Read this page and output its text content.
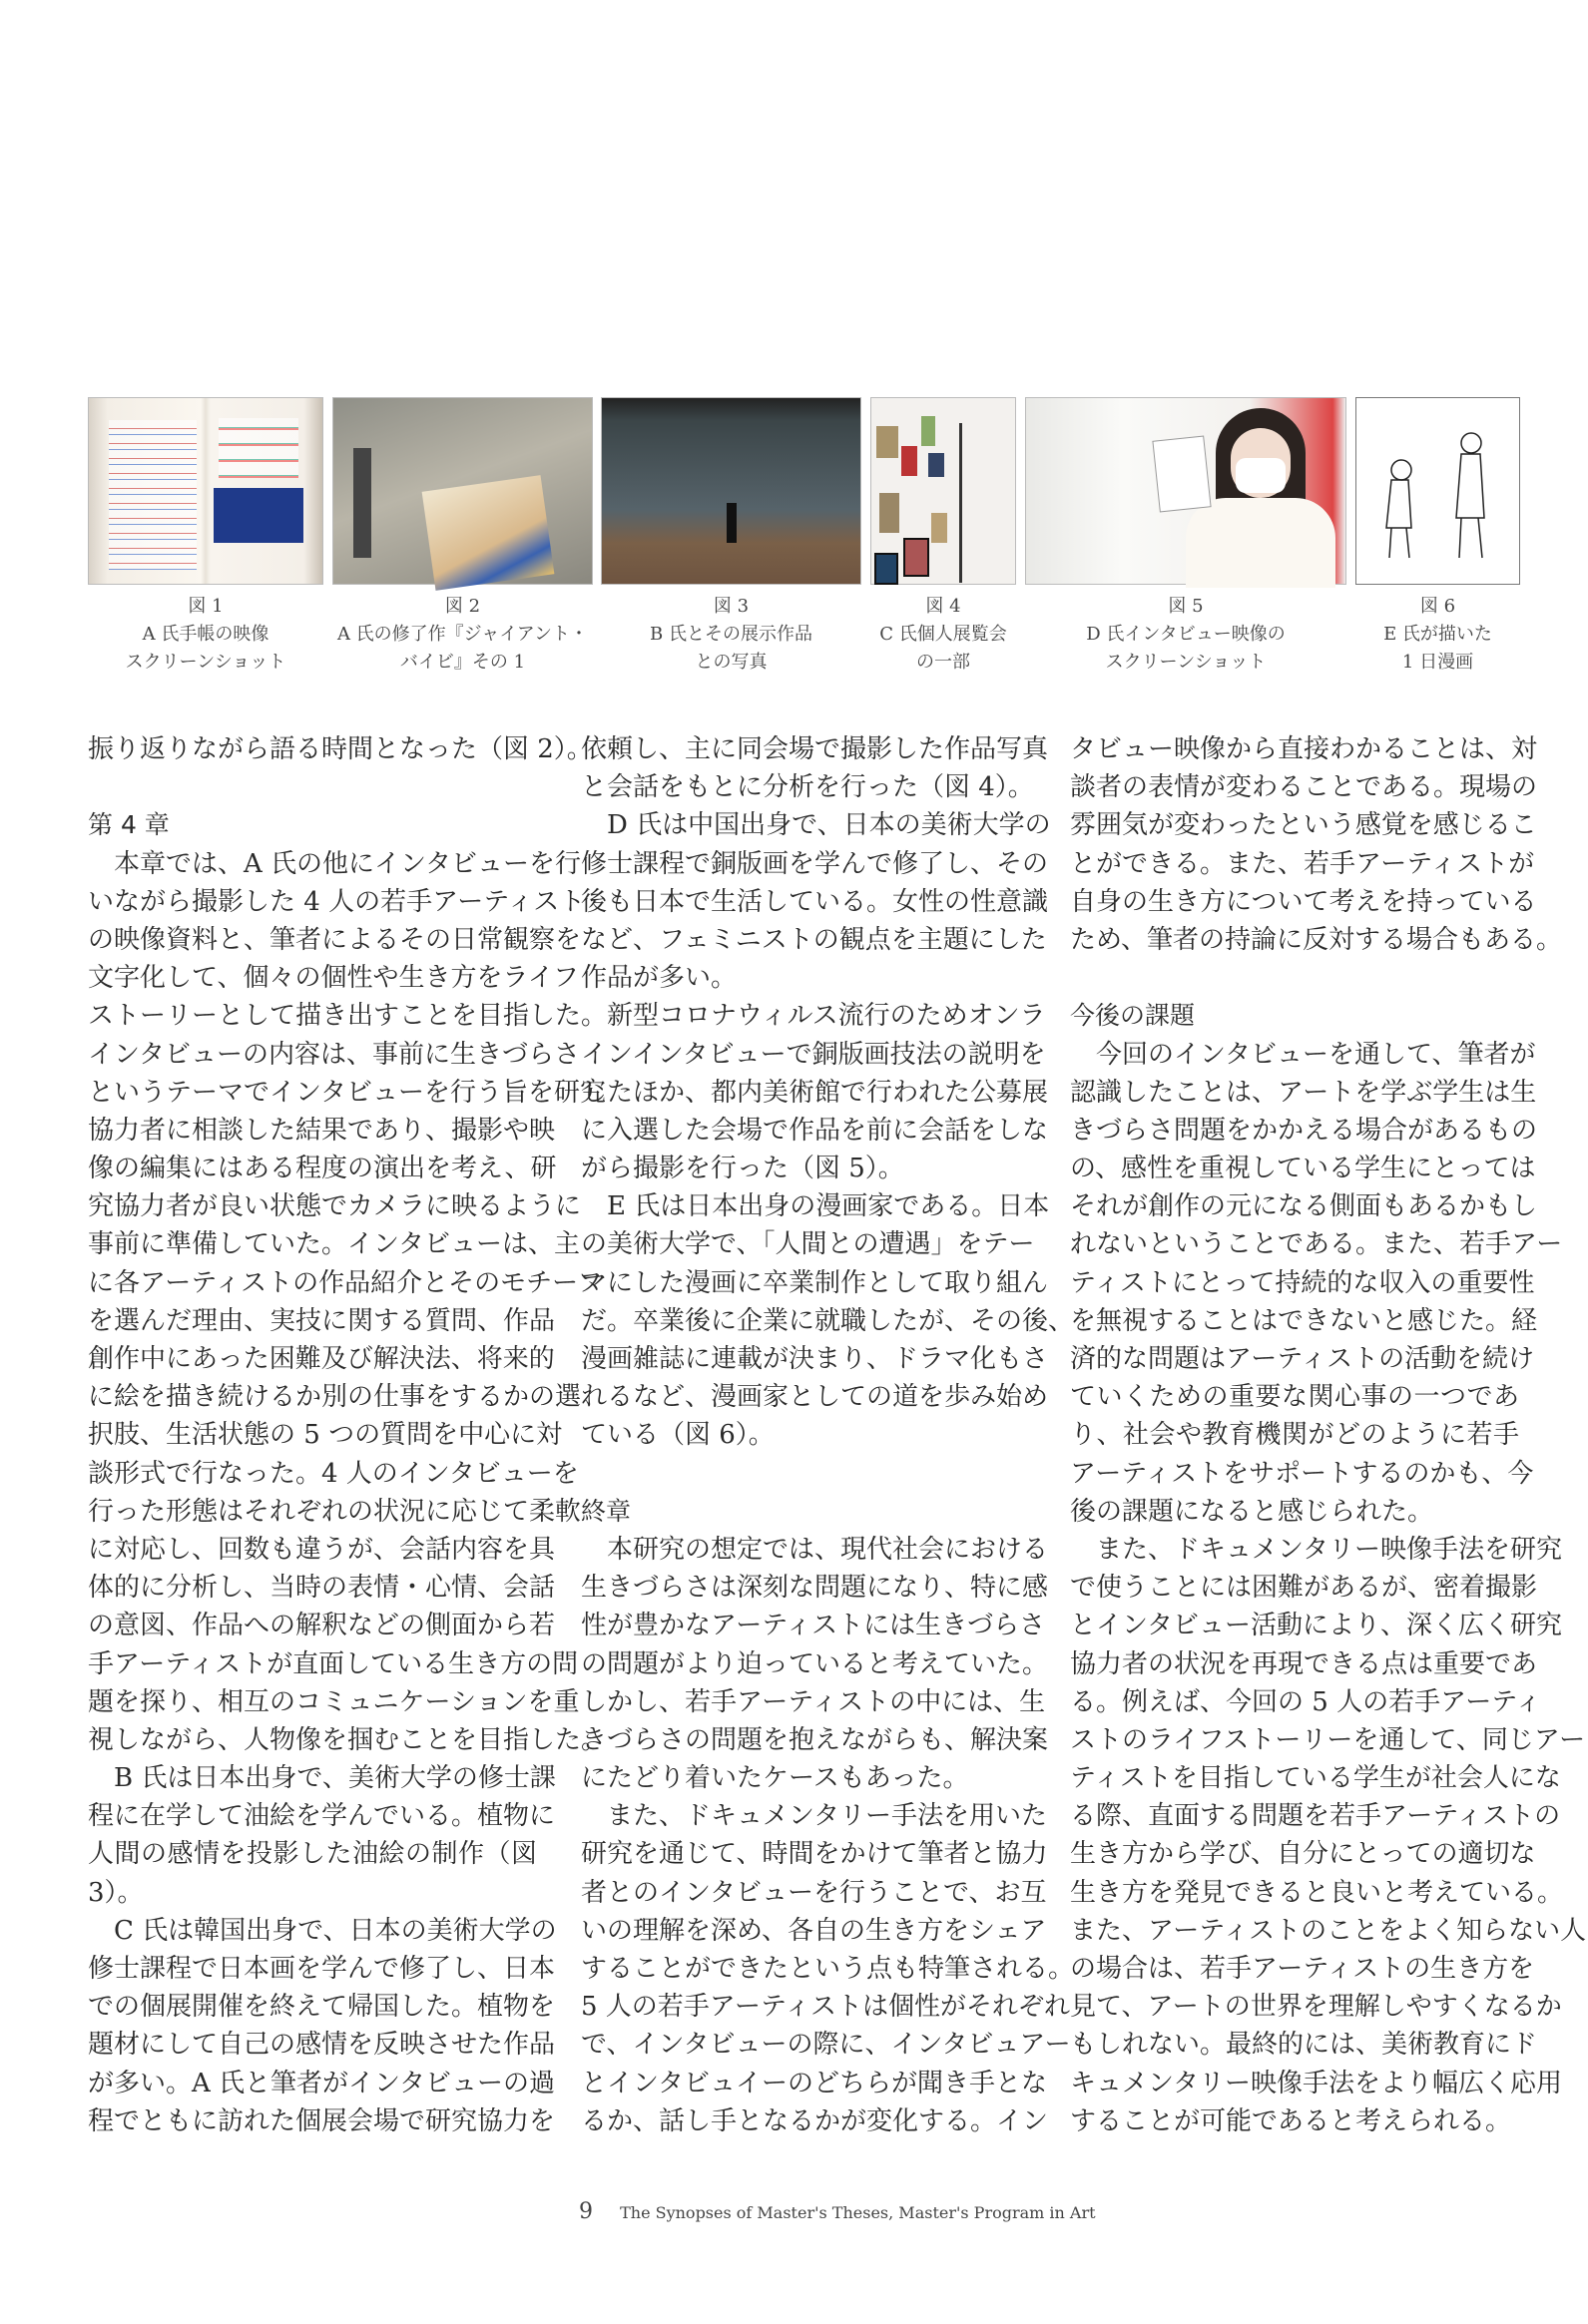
図 1
A 氏手帳の映像
スクリーンショット
図 2
A 氏の修了作『ジャイアント・
バイビ』その 1
図 3
B 氏とその展示作品
との写真
図 4
C 氏個人展覧会
の一部
図 5
D 氏インタビュー映像の
スクリーンショット
図 6
E 氏が描いた
1 日漫画
振り返りながら語る時間となった（図 2）。
第 4 章
　本章では、A 氏の他にインタビューを行
いながら撮影した 4 人の若手アーティスト
の映像資料と、筆者によるその日常観察を
文字化して、個々の個性や生き方をライフ
ストーリーとして描き出すことを目指した。
インタビューの内容は、事前に生きづらさ
というテーマでインタビューを行う旨を研究
協力者に相談した結果であり、撮影や映
像の編集にはある程度の演出を考え、研
究協力者が良い状態でカメラに映るように
事前に準備していた。インタビューは、主
に各アーティストの作品紹介とそのモチーフ
を選んだ理由、実技に関する質問、作品
創作中にあった困難及び解決法、将来的
に絵を描き続けるか別の仕事をするかの選
択肢、生活状態の 5 つの質問を中心に対
談形式で行なった。4 人のインタビューを
行った形態はそれぞれの状況に応じて柔軟
に対応し、回数も違うが、会話内容を具
体的に分析し、当時の表情・心情、会話
の意図、作品への解釈などの側面から若
手アーティストが直面している生き方の問
題を探り、相互のコミュニケーションを重
視しながら、人物像を掴むことを目指した。
　B 氏は日本出身で、美術大学の修士課
程に在学して油絵を学んでいる。植物に
人間の感情を投影した油絵の制作（図
3）。
　C 氏は韓国出身で、日本の美術大学の
修士課程で日本画を学んで修了し、日本
での個展開催を終えて帰国した。植物を
題材にして自己の感情を反映させた作品
が多い。A 氏と筆者がインタビューの過
程でともに訪れた個展会場で研究協力を
依頼し、主に同会場で撮影した作品写真
と会話をもとに分析を行った（図 4）。
　D 氏は中国出身で、日本の美術大学の
修士課程で銅版画を学んで修了し、その
後も日本で生活している。女性の性意識
など、フェミニストの観点を主題にした
作品が多い。
　新型コロナウィルス流行のためオンラ
インインタビューで銅版画技法の説明を
したほか、都内美術館で行われた公募展
に入選した会場で作品を前に会話をしな
がら撮影を行った（図 5）。
　E 氏は日本出身の漫画家である。日本
の美術大学で、「人間との遭遇」をテー
マにした漫画に卒業制作として取り組ん
だ。卒業後に企業に就職したが、その後、
漫画雑誌に連載が決まり、ドラマ化もさ
れるなど、漫画家としての道を歩み始め
ている（図 6）。
終章
　本研究の想定では、現代社会における
生きづらさは深刻な問題になり、特に感
性が豊かなアーティストには生きづらさ
の問題がより迫っていると考えていた。
しかし、若手アーティストの中には、生
きづらさの問題を抱えながらも、解決案
にたどり着いたケースもあった。
　また、ドキュメンタリー手法を用いた
研究を通じて、時間をかけて筆者と協力
者とのインタビューを行うことで、お互
いの理解を深め、各自の生き方をシェア
することができたという点も特筆される。
5 人の若手アーティストは個性がそれぞれ
で、インタビューの際に、インタビュアー
とインタビュイーのどちらが聞き手とな
るか、話し手となるかが変化する。イン
タビュー映像から直接わかることは、対
談者の表情が変わることである。現場の
雰囲気が変わったという感覚を感じるこ
とができる。また、若手アーティストが
自身の生き方について考えを持っている
ため、筆者の持論に反対する場合もある。
今後の課題
　今回のインタビューを通して、筆者が
認識したことは、アートを学ぶ学生は生
きづらさ問題をかかえる場合があるもの
の、感性を重視している学生にとっては
それが創作の元になる側面もあるかもし
れないということである。また、若手アー
ティストにとって持続的な収入の重要性
を無視することはできないと感じた。経
済的な問題はアーティストの活動を続け
ていくための重要な関心事の一つであ
り、社会や教育機関がどのように若手
アーティストをサポートするのかも、今
後の課題になると感じられた。
　また、ドキュメンタリー映像手法を研究
で使うことには困難があるが、密着撮影
とインタビュー活動により、深く広く研究
協力者の状況を再現できる点は重要であ
る。例えば、今回の 5 人の若手アーティ
ストのライフストーリーを通して、同じアー
ティストを目指している学生が社会人にな
る際、直面する問題を若手アーティストの
生き方から学び、自分にとっての適切な
生き方を発見できると良いと考えている。
また、アーティストのことをよく知らない人
の場合は、若手アーティストの生き方を
見て、アートの世界を理解しやすくなるか
もしれない。最終的には、美術教育にド
キュメンタリー映像手法をより幅広く応用
することが可能であると考えられる。
9 The Synopses of Master's Theses, Master's Program in Art
